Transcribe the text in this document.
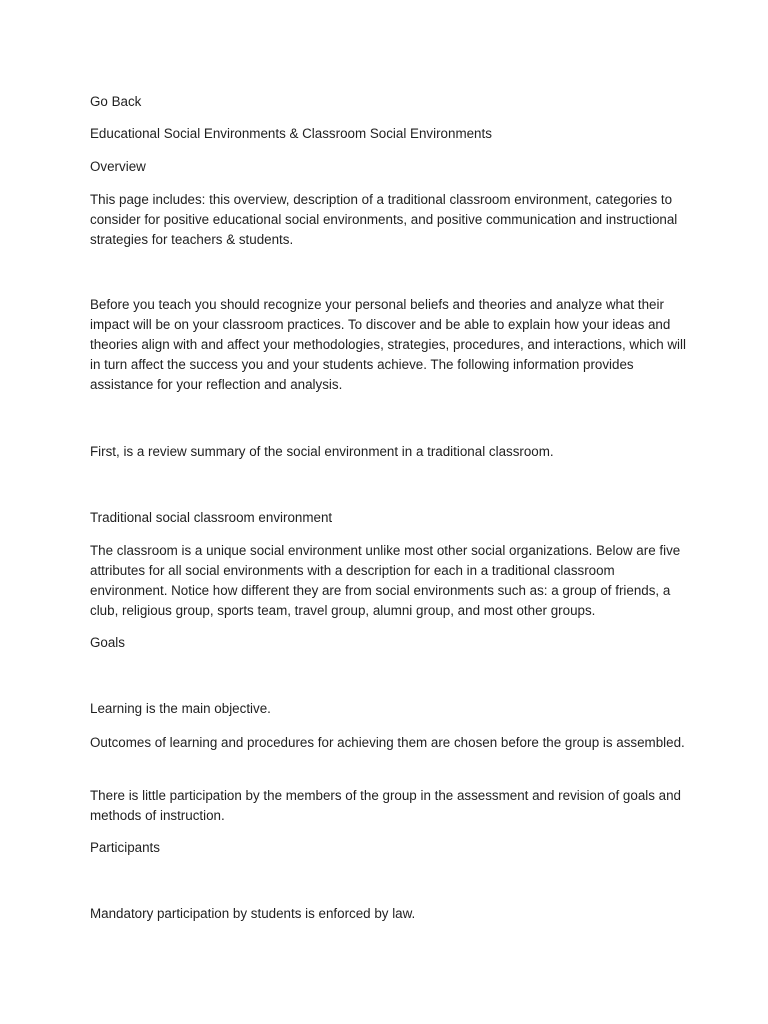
Go Back

Educational Social Environments & Classroom Social Environments

Overview

This page includes: this overview, description of a traditional classroom environment, categories to consider for positive educational social environments, and positive communication and instructional strategies for teachers & students.

Before you teach you should recognize your personal beliefs and theories and analyze what their impact will be on your classroom practices. To discover and be able to explain how your ideas and theories align with and affect your methodologies, strategies, procedures, and interactions, which will in turn affect the success you and your students achieve. The following information provides assistance for your reflection and analysis.

First, is a review summary of the social environment in a traditional classroom.

Traditional social classroom environment

The classroom is a unique social environment unlike most other social organizations. Below are five attributes for all social environments with a description for each in a traditional classroom environment. Notice how different they are from social environments such as: a group of friends, a club, religious group, sports team, travel group, alumni group, and most other groups.

Goals

Learning is the main objective.

Outcomes of learning and procedures for achieving them are chosen before the group is assembled.

There is little participation by the members of the group in the assessment and revision of goals and methods of instruction.

Participants

Mandatory participation by students is enforced by law.
